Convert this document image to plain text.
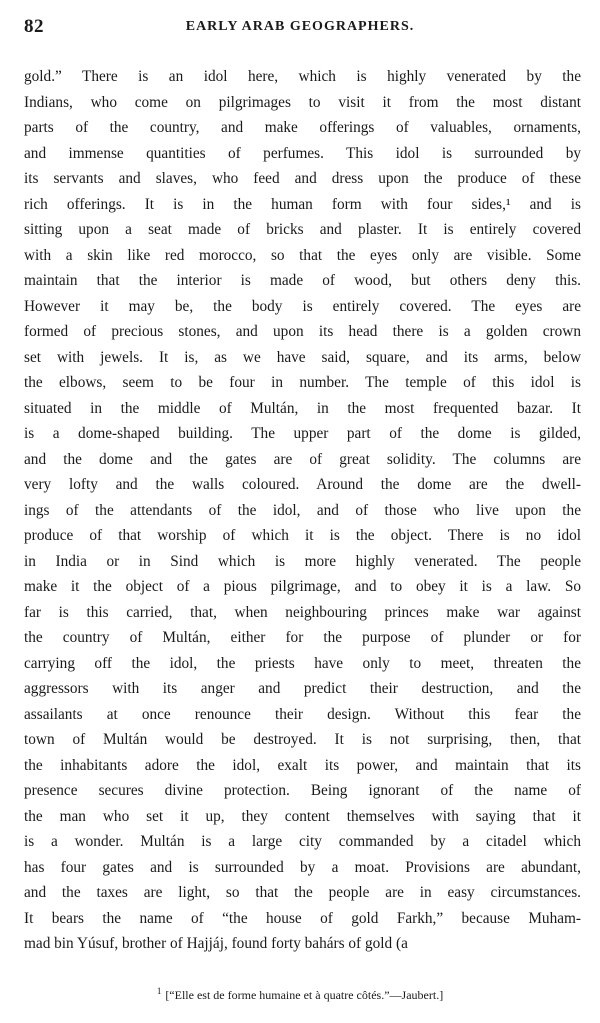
82	EARLY ARAB GEOGRAPHERS.
gold.” There is an idol here, which is highly venerated by the
Indians, who come on pilgrimages to visit it from the most distant
parts of the country, and make offerings of valuables, ornaments,
and immense quantities of perfumes. This idol is surrounded by
its servants and slaves, who feed and dress upon the produce of these
rich offerings. It is in the human form with four sides,¹ and is
sitting upon a seat made of bricks and plaster. It is entirely covered
with a skin like red morocco, so that the eyes only are visible. Some
maintain that the interior is made of wood, but others deny this.
However it may be, the body is entirely covered. The eyes are
formed of precious stones, and upon its head there is a golden crown
set with jewels. It is, as we have said, square, and its arms, below
the elbows, seem to be four in number. The temple of this idol is
situated in the middle of Multán, in the most frequented bazar. It
is a dome-shaped building. The upper part of the dome is gilded,
and the dome and the gates are of great solidity. The columns are
very lofty and the walls coloured. Around the dome are the dwell-
ings of the attendants of the idol, and of those who live upon the
produce of that worship of which it is the object. There is no idol
in India or in Sind which is more highly venerated. The people
make it the object of a pious pilgrimage, and to obey it is a law. So
far is this carried, that, when neighbouring princes make war against
the country of Multán, either for the purpose of plunder or for
carrying off the idol, the priests have only to meet, threaten the
aggressors with its anger and predict their destruction, and the
assailants at once renounce their design. Without this fear the
town of Multán would be destroyed. It is not surprising, then, that
the inhabitants adore the idol, exalt its power, and maintain that its
presence secures divine protection. Being ignorant of the name of
the man who set it up, they content themselves with saying that it
is a wonder. Multán is a large city commanded by a citadel which
has four gates and is surrounded by a moat. Provisions are abundant,
and the taxes are light, so that the people are in easy circumstances.
It bears the name of “the house of gold Farkh,” because Muham-
mad bin Yúsuf, brother of Hajjáj, found forty bahárs of gold (a
$^1$ [“Elle est de forme humaine et à quatre côtés.”—Jaubert.]
